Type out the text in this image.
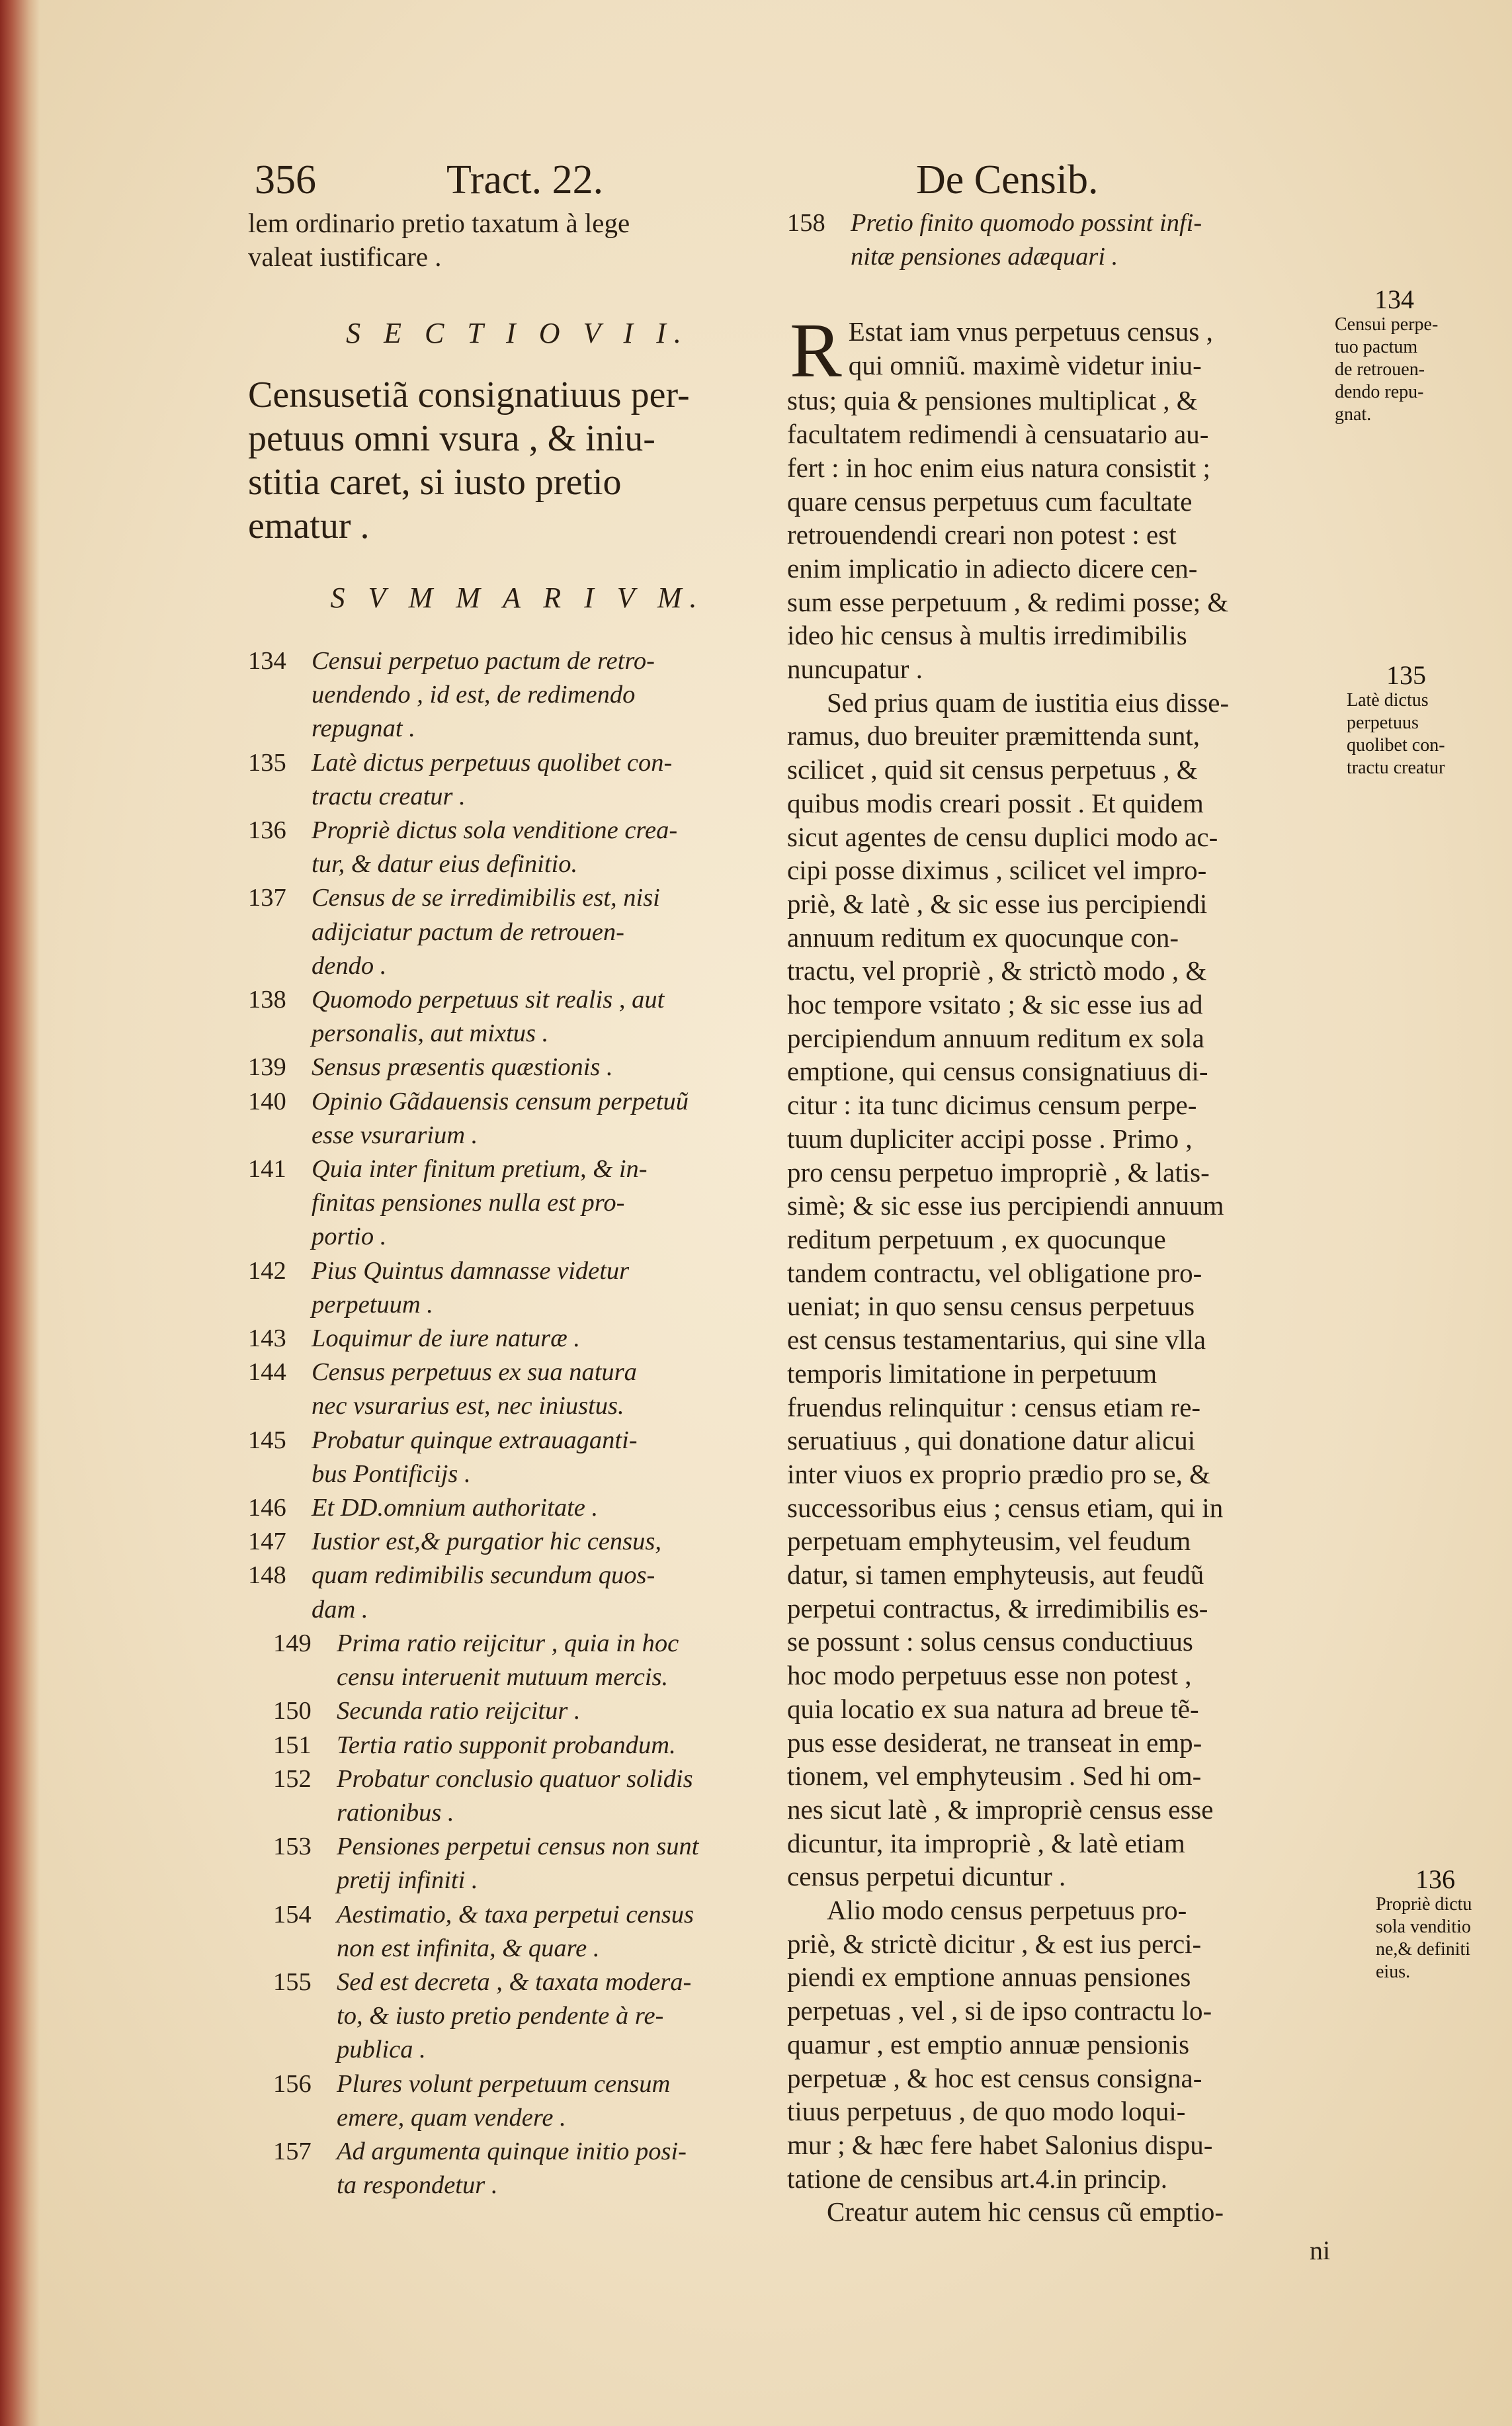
356	Tract. 22.	De Censib.
lem ordinario pretio taxatum à lege
valeat iustificare .
S E C T I O V I I.
Censusetiã consignatiuus per-
petuus omni vsura , & iniu-
stitia caret, si iusto pretio
ematur .
S V M M A R I V M.
134 Censui perpetuo pactum de retro-
uendendo , id est, de redimendo
repugnat .
135 Latè dictus perpetuus quolibet con-
tractu creatur .
136 Propriè dictus sola venditione crea-
tur, & datur eius definitio.
137 Census de se irredimibilis est, nisi
adijciatur pactum de retrouen-
dendo .
138 Quomodo perpetuus sit realis , aut
personalis, aut mixtus .
139 Sensus præsentis quæstionis .
140 Opinio Gãdauensis censum perpetuũ
esse vsurarium .
141 Quia inter finitum pretium, & in-
finitas pensiones nulla est pro-
portio .
142 Pius Quintus damnasse videtur
perpetuum .
143 Loquimur de iure naturæ .
144 Census perpetuus ex sua natura
nec vsurarius est, nec iniustus.
145 Probatur quinque extrauaganti-
bus Pontificijs .
146 Et DD.omnium authoritate .
147 Iustior est,& purgatior hic census,
148 quam redimibilis secundum quos-
dam .
149 Prima ratio reijcitur , quia in hoc
censu interuenit mutuum mercis.
150 Secunda ratio reijcitur .
151 Tertia ratio supponit probandum.
152 Probatur conclusio quatuor solidis
rationibus .
153 Pensiones perpetui census non sunt
pretij infiniti .
154 Aestimatio, & taxa perpetui census
non est infinita, & quare .
155 Sed est decreta , & taxata modera-
to, & iusto pretio pendente à re-
publica .
156 Plures volunt perpetuum censum
emere, quam vendere .
157 Ad argumenta quinque initio posi-
ta respondetur .
158 Pretio finito quomodo possint infi-
nitæ pensiones adæquari .
R Estat iam vnus perpetuus census ,
qui omniũ. maximè videtur iniu-
stus; quia & pensiones multiplicat , &
facultatem redimendi à censuatario au-
fert : in hoc enim eius natura consistit ;
quare census perpetuus cum facultate
retrouendendi creari non potest : est
enim implicatio in adiecto dicere cen-
sum esse perpetuum , & redimi posse; &
ideo hic census à multis irredimibilis
nuncupatur .
Sed prius quam de iustitia eius disse-
ramus, duo breuiter præmittenda sunt,
scilicet , quid sit census perpetuus , &
quibus modis creari possit . Et quidem
sicut agentes de censu duplici modo ac-
cipi posse diximus , scilicet vel impro-
priè, & latè , & sic esse ius percipiendi
annuum reditum ex quocunque con-
tractu, vel propriè , & strictò modo , &
hoc tempore vsitato ; & sic esse ius ad
percipiendum annuum reditum ex sola
emptione, qui census consignatiuus di-
citur : ita tunc dicimus censum perpe-
tuum dupliciter accipi posse . Primo ,
pro censu perpetuo impropriè , & latis-
simè; & sic esse ius percipiendi annuum
reditum perpetuum , ex quocunque
tandem contractu, vel obligatione pro-
ueniat; in quo sensu census perpetuus
est census testamentarius, qui sine vlla
temporis limitatione in perpetuum
fruendus relinquitur : census etiam re-
seruatiuus , qui donatione datur alicui
inter viuos ex proprio prædio pro se, &
successoribus eius ; census etiam, qui in
perpetuam emphyteusim, vel feudum
datur, si tamen emphyteusis, aut feudũ
perpetui contractus, & irredimibilis es-
se possunt : solus census conductiuus
hoc modo perpetuus esse non potest ,
quia locatio ex sua natura ad breue tẽ-
pus esse desiderat, ne transeat in emp-
tionem, vel emphyteusim . Sed hi om-
nes sicut latè , & impropriè census esse
dicuntur, ita impropriè , & latè etiam
census perpetui dicuntur .
Alio modo census perpetuus pro-
priè, & strictè dicitur , & est ius perci-
piendi ex emptione annuas pensiones
perpetuas , vel , si de ipso contractu lo-
quamur , est emptio annuæ pensionis
perpetuæ , & hoc est census consigna-
tiuus perpetuus , de quo modo loqui-
mur ; & hæc fere habet Salonius dispu-
tatione de censibus art.4.in princip.
Creatur autem hic census cũ emptio-
134
Censui perpe-
tuo pactum
de retrouen-
dendo repu-
gnat.
135
Latè dictus
perpetuus
quolibet con-
tractu creatur
136
Propriè dictu
sola venditio
ne,& definiti
eius.
ni
